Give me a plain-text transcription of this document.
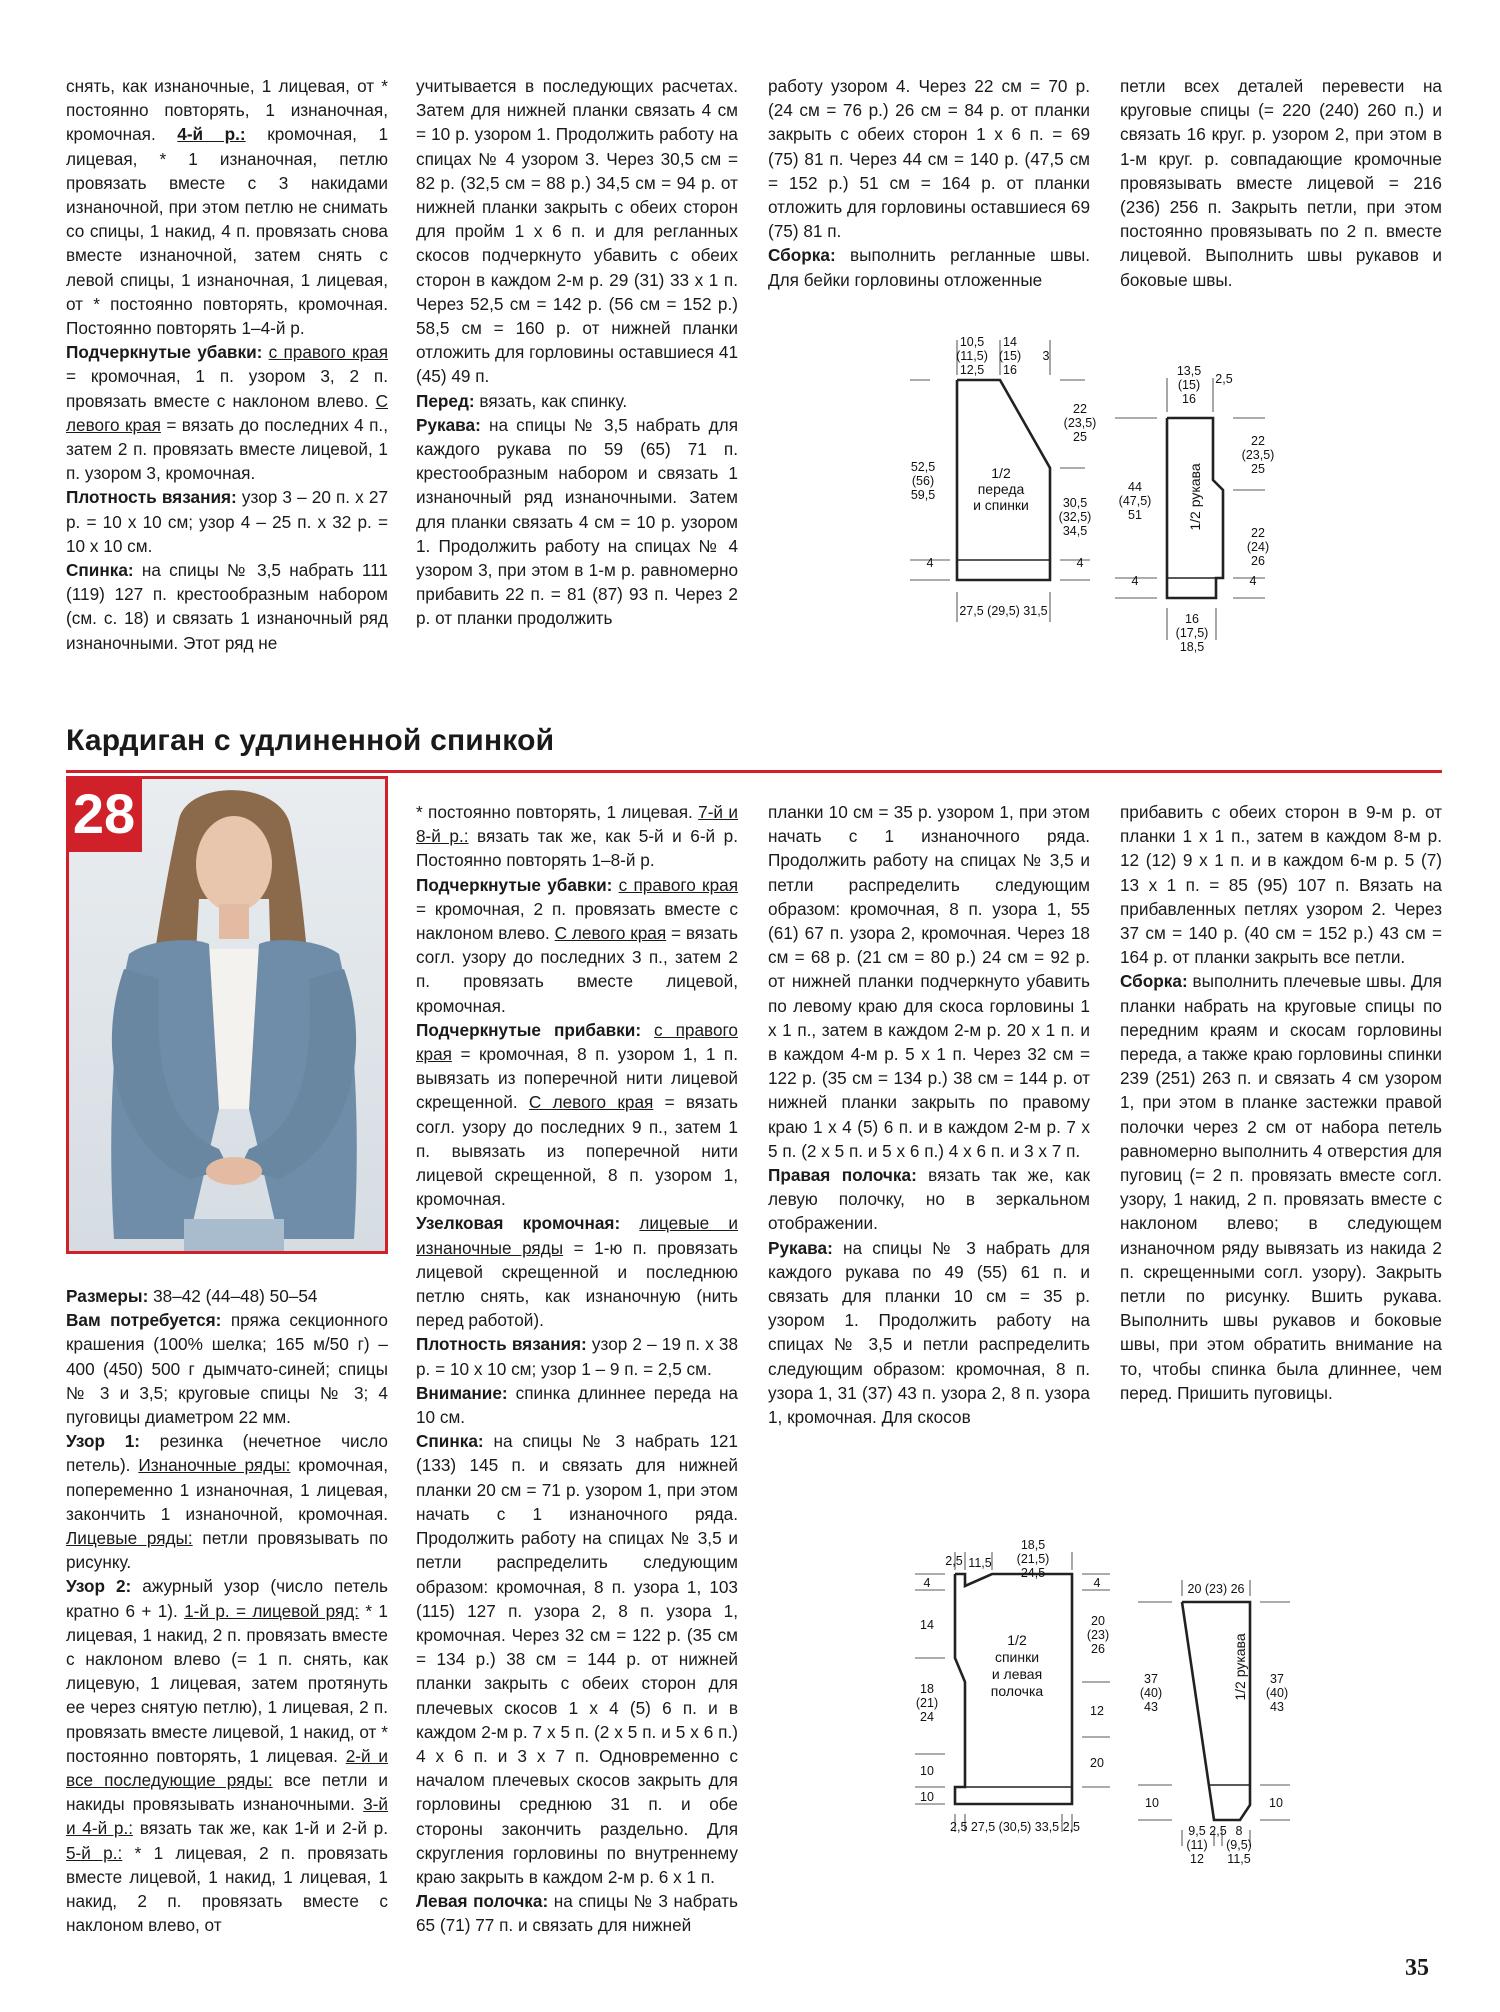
снять, как изнаночные, 1 лицевая, от * постоянно повторять, 1 изнаночная, кромочная. 4-й р.: кромочная, 1 лицевая, * 1 изнаночная, петлю провязать вместе с 3 накидами изнаночной, при этом петлю не снимать со спицы, 1 накид, 4 п. провязать снова вместе изнаночной, затем снять с левой спицы, 1 изнаночная, 1 лицевая, от * постоянно повторять, кромочная. Постоянно повторять 1–4-й р.

Подчеркнутые убавки: с правого края = кромочная, 1 п. узором 3, 2 п. провязать вместе с наклоном влево. С левого края = вязать до последних 4 п., затем 2 п. провязать вместе лицевой, 1 п. узором 3, кромочная.

Плотность вязания: узор 3 – 20 п. х 27 р. = 10 х 10 см; узор 4 – 25 п. х 32 р. = 10 х 10 см.

Спинка: на спицы № 3,5 набрать 111 (119) 127 п. крестообразным набором (см. с. 18) и связать 1 изнаночный ряд изнаночными. Этот ряд не

учитывается в последующих расчетах. Затем для нижней планки связать 4 см = 10 р. узором 1. Продолжить работу на спицах № 4 узором 3. Через 30,5 см = 82 р. (32,5 см = 88 р.) 34,5 см = 94 р. от нижней планки закрыть с обеих сторон для пройм 1 х 6 п. и для регланных скосов подчеркнуто убавить с обеих сторон в каждом 2-м р. 29 (31) 33 х 1 п. Через 52,5 см = 142 р. (56 см = 152 р.) 58,5 см = 160 р. от нижней планки отложить для горловины оставшиеся 41 (45) 49 п.

Перед: вязать, как спинку.

Рукава: на спицы № 3,5 набрать для каждого рукава по 59 (65) 71 п. крестообразным набором и связать 1 изнаночный ряд изнаночными. Затем для планки связать 4 см = 10 р. узором 1. Продолжить работу на спицах № 4 узором 3, при этом в 1-м р. равномерно прибавить 22 п. = 81 (87) 93 п. Через 2 р. от планки продолжить

работу узором 4. Через 22 см = 70 р. (24 см = 76 р.) 26 см = 84 р. от планки закрыть с обеих сторон 1 х 6 п. = 69 (75) 81 п. Через 44 см = 140 р. (47,5 см = 152 р.) 51 см = 164 р. от планки отложить для горловины оставшиеся 69 (75) 81 п.

Сборка: выполнить регланные швы. Для бейки горловины отложенные

петли всех деталей перевести на круговые спицы (= 220 (240) 260 п.) и связать 16 круг. р. узором 2, при этом в 1-м круг. р. совпадающие кромочные провязывать вместе лицевой = 216 (236) 256 п. Закрыть петли, при этом постоянно провязывать по 2 п. вместе лицевой. Выполнить швы рукавов и боковые швы.

10,5
(11,5)
12,5
14
(15)
16
3
22
(23,5)
25
52,5
(56)
59,5
1/2
переда
и спинки	30,5
(32,5)
34,5
4	4
27,5 (29,5) 31,5
13,5
(15)
16
2,5
22
(23,5)
25
44
(47,5)
51	1/2 рукава
22
(24)
26
4	4
16
(17,5)
18,5
Кардиган с удлиненной спинкой
28

Размеры: 38–42 (44–48) 50–54

Вам потребуется: пряжа секционного крашения (100% шелка; 165 м/50 г) – 400 (450) 500 г дымчато-синей; спицы № 3 и 3,5; круговые спицы № 3; 4 пуговицы диаметром 22 мм.

Узор 1: резинка (нечетное число петель). Изнаночные ряды: кромочная, попеременно 1 изнаночная, 1 лицевая, закончить 1 изнаночной, кромочная. Лицевые ряды: петли провязывать по рисунку.

Узор 2: ажурный узор (число петель кратно 6 + 1). 1-й р. = лицевой ряд: * 1 лицевая, 1 накид, 2 п. провязать вместе с наклоном влево (= 1 п. снять, как лицевую, 1 лицевая, затем протянуть ее через снятую петлю), 1 лицевая, 2 п. провязать вместе лицевой, 1 накид, от * постоянно повторять, 1 лицевая. 2-й и все последующие ряды: все петли и накиды провязывать изнаночными. 3-й и 4-й р.: вязать так же, как 1-й и 2-й р. 5-й р.: * 1 лицевая, 2 п. провязать вместе лицевой, 1 накид, 1 лицевая, 1 накид, 2 п. провязать вместе с наклоном влево, от

* постоянно повторять, 1 лицевая. 7-й и 8-й р.: вязать так же, как 5-й и 6-й р. Постоянно повторять 1–8-й р.

Подчеркнутые убавки: с правого края = кромочная, 2 п. провязать вместе с наклоном влево. С левого края = вязать согл. узору до последних 3 п., затем 2 п. провязать вместе лицевой, кромочная.

Подчеркнутые прибавки: с правого края = кромочная, 8 п. узором 1, 1 п. вывязать из поперечной нити лицевой скрещенной. С левого края = вязать согл. узору до последних 9 п., затем 1 п. вывязать из поперечной нити лицевой скрещенной, 8 п. узором 1, кромочная.

Узелковая кромочная: лицевые и изнаночные ряды = 1-ю п. провязать лицевой скрещенной и последнюю петлю снять, как изнаночную (нить перед работой).

Плотность вязания: узор 2 – 19 п. х 38 р. = 10 х 10 см; узор 1 – 9 п. = 2,5 см.

Внимание: спинка длиннее переда на 10 см.

Спинка: на спицы № 3 набрать 121 (133) 145 п. и связать для нижней планки 20 см = 71 р. узором 1, при этом начать с 1 изнаночного ряда. Продолжить работу на спицах № 3,5 и петли распределить следующим образом: кромочная, 8 п. узора 1, 103 (115) 127 п. узора 2, 8 п. узора 1, кромочная. Через 32 см = 122 р. (35 см = 134 р.) 38 см = 144 р. от нижней планки закрыть с обеих сторон для плечевых скосов 1 х 4 (5) 6 п. и в каждом 2-м р. 7 х 5 п. (2 х 5 п. и 5 х 6 п.) 4 х 6 п. и 3 х 7 п. Одновременно с началом плечевых скосов закрыть для горловины среднюю 31 п. и обе стороны закончить раздельно. Для скругления горловины по внутреннему краю закрыть в каждом 2-м р. 6 х 1 п.

Левая полочка: на спицы № 3 набрать 65 (71) 77 п. и связать для нижней

планки 10 см = 35 р. узором 1, при этом начать с 1 изнаночного ряда. Продолжить работу на спицах № 3,5 и петли распределить следующим образом: кромочная, 8 п. узора 1, 55 (61) 67 п. узора 2, кромочная. Через 18 см = 68 р. (21 см = 80 р.) 24 см = 92 р. от нижней планки подчеркнуто убавить по левому краю для скоса горловины 1 х 1 п., затем в каждом 2-м р. 20 х 1 п. и в каждом 4-м р. 5 х 1 п. Через 32 см = 122 р. (35 см = 134 р.) 38 см = 144 р. от нижней планки закрыть по правому краю 1 х 4 (5) 6 п. и в каждом 2-м р. 7 х 5 п. (2 х 5 п. и 5 х 6 п.) 4 х 6 п. и 3 х 7 п.

Правая полочка: вязать так же, как левую полочку, но в зеркальном отображении.

Рукава: на спицы № 3 набрать для каждого рукава по 49 (55) 61 п. и связать для планки 10 см = 35 р. узором 1. Продолжить работу на спицах № 3,5 и петли распределить следующим образом: кромочная, 8 п. узора 1, 31 (37) 43 п. узора 2, 8 п. узора 1, кромочная. Для скосов

прибавить с обеих сторон в 9-м р. от планки 1 х 1 п., затем в каждом 8-м р. 12 (12) 9 х 1 п. и в каждом 6-м р. 5 (7) 13 х 1 п. = 85 (95) 107 п. Вязать на прибавленных петлях узором 2. Через 37 см = 140 р. (40 см = 152 р.) 43 см = 164 р. от планки закрыть все петли.

Сборка: выполнить плечевые швы. Для планки набрать на круговые спицы по передним краям и скосам горловины переда, а также краю горловины спинки 239 (251) 263 п. и связать 4 см узором 1, при этом в планке застежки правой полочки через 2 см от набора петель равномерно выполнить 4 отверстия для пуговиц (= 2 п. провязать вместе согл. узору, 1 накид, 2 п. провязать вместе с наклоном влево; в следующем изнаночном ряду вывязать из накида 2 п. скрещенными согл. узору). Закрыть петли по рисунку. Вшить рукава. Выполнить швы рукавов и боковые швы, при этом обратить внимание на то, чтобы спинка была длиннее, чем перед. Пришить пуговицы.

2,5 11,5
18,5
(21,5)
24,5
4
14
18
(21)
24
10
10
4
20
(23)
26
12
20
1/2
спинки
и левая
полочка
2,5 27,5 (30,5) 33,5 2,5
20 (23) 26
37
(40)
43
37
(40)
43
1/2 рукава
10	10
9,5
(11)
12
2,5 8
(9,5)
11,5
35
